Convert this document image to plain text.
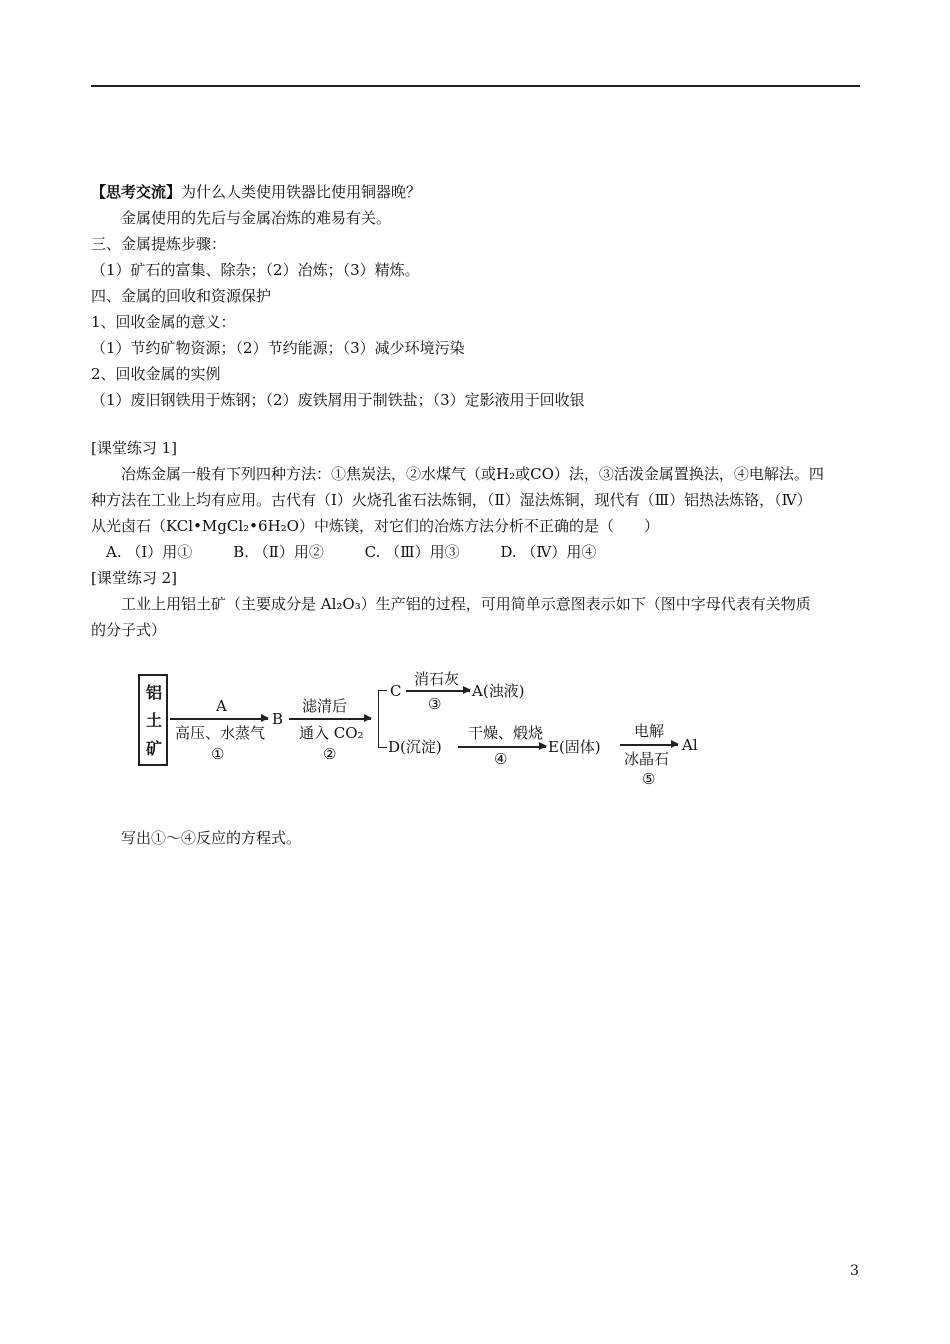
【思考交流】为什么人类使用铁器比使用铜器晚？
金属使用的先后与金属冶炼的难易有关。
三、金属提炼步骤：
（1）矿石的富集、除杂；（2）冶炼；（3）精炼。
四、金属的回收和资源保护
1、回收金属的意义：
（1）节约矿物资源；（2）节约能源；（3）减少环境污染
2、回收金属的实例
（1）废旧钢铁用于炼钢；（2）废铁屑用于制铁盐；（3）定影液用于回收银
[课堂练习 1]
冶炼金属一般有下列四种方法：①焦炭法，②水煤气（或H₂或CO）法，③活泼金属置换法，④电解法。四
种方法在工业上均有应用。古代有（Ⅰ）火烧孔雀石法炼铜，（Ⅱ）湿法炼铜，现代有（Ⅲ）铝热法炼铬，（Ⅳ）
从光卤石（KCl•MgCl₂•6H₂O）中炼镁，对它们的冶炼方法分析不正确的是（　　）
A. （Ⅰ）用①	B. （Ⅱ）用②	C. （Ⅲ）用③	D. （Ⅳ）用④
[课堂练习 2]
工业上用铝土矿（主要成分是 Al₂O₃）生产铝的过程，可用简单示意图表示如下（图中字母代表有关物质
的分子式）
铝
土
矿
A
高压、水蒸气
①
B
滤清后
通入 CO₂
②
C
消石灰
A(浊液)
③
D(沉淀)
干燥、煅烧
④
E(固体)
电解
冰晶石
⑤
Al
写出①～④反应的方程式。
3
